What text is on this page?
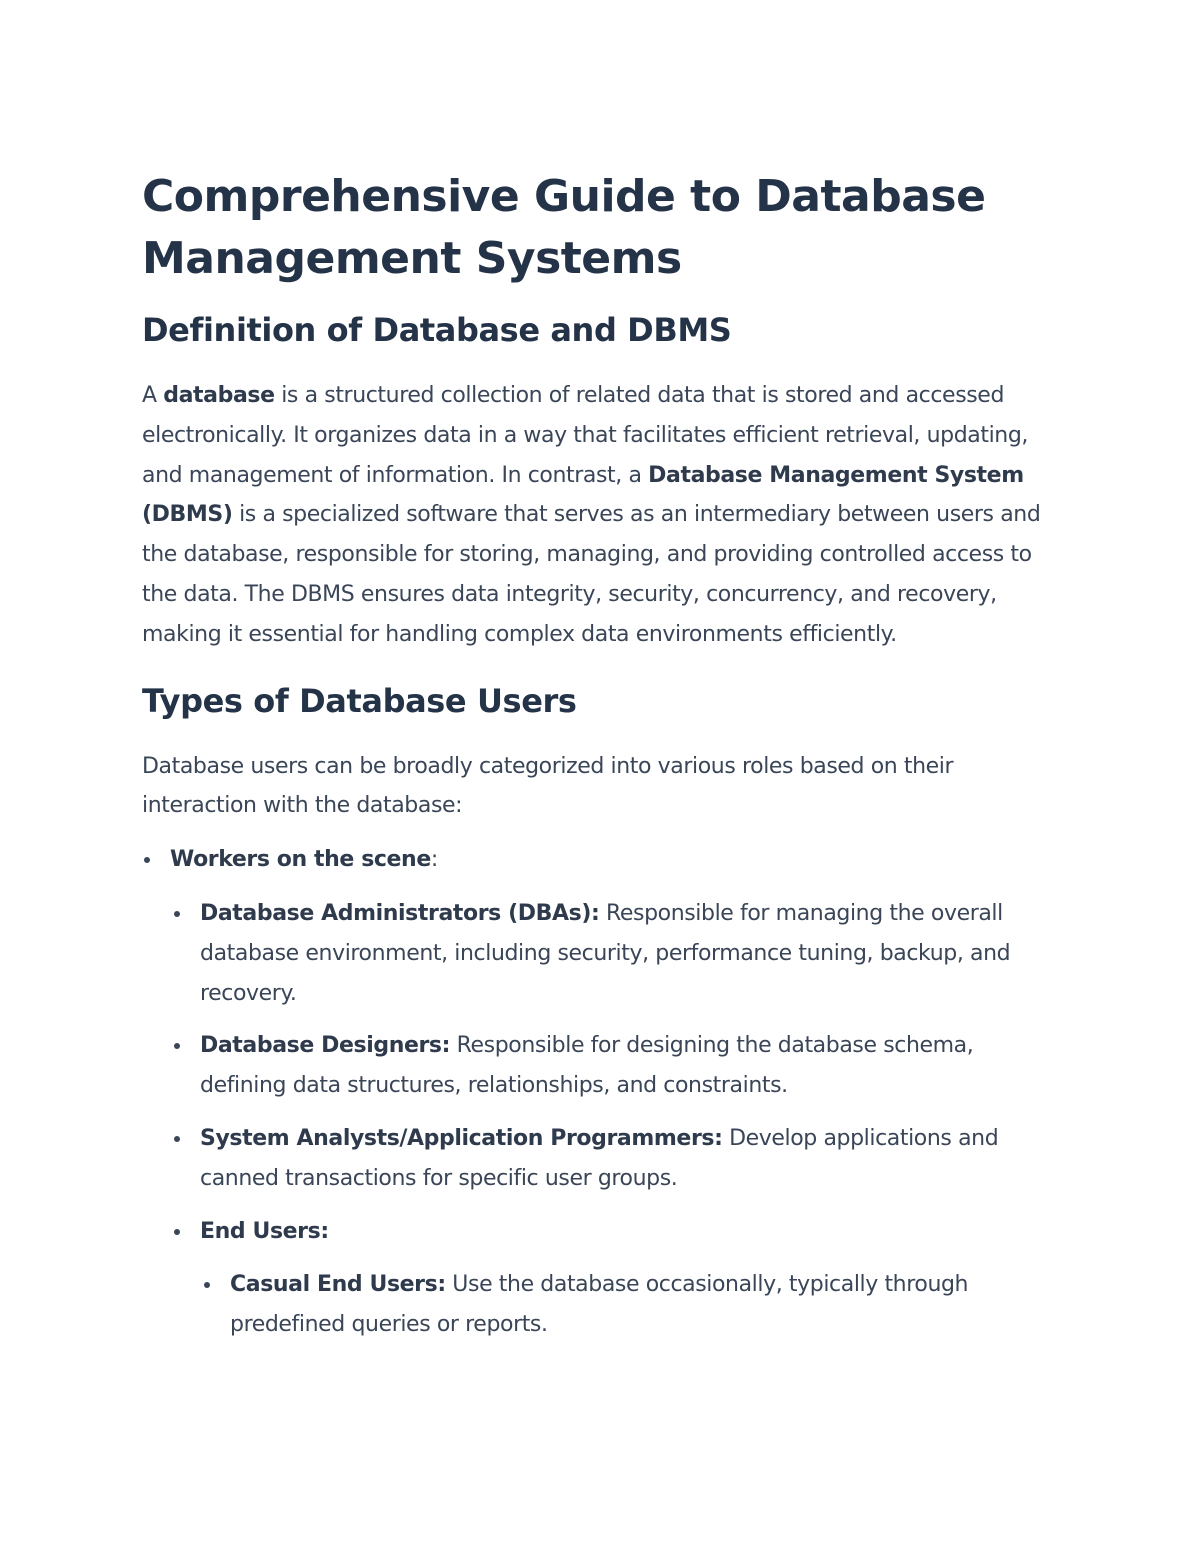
Comprehensive Guide to Database Management Systems
Definition of Database and DBMS

A database is a structured collection of related data that is stored and accessed electronically. It organizes data in a way that facilitates efficient retrieval, updating, and management of information. In contrast, a Database Management System (DBMS) is a specialized software that serves as an intermediary between users and the database, responsible for storing, managing, and providing controlled access to the data. The DBMS ensures data integrity, security, concurrency, and recovery, making it essential for handling complex data environments efficiently.

Types of Database Users

Database users can be broadly categorized into various roles based on their interaction with the database:

Workers on the scene:
Database Administrators (DBAs): Responsible for managing the overall database environment, including security, performance tuning, backup, and recovery.
Database Designers: Responsible for designing the database schema, defining data structures, relationships, and constraints.
System Analysts/Application Programmers: Develop applications and canned transactions for specific user groups.
End Users:
Casual End Users: Use the database occasionally, typically through predefined queries or reports.
